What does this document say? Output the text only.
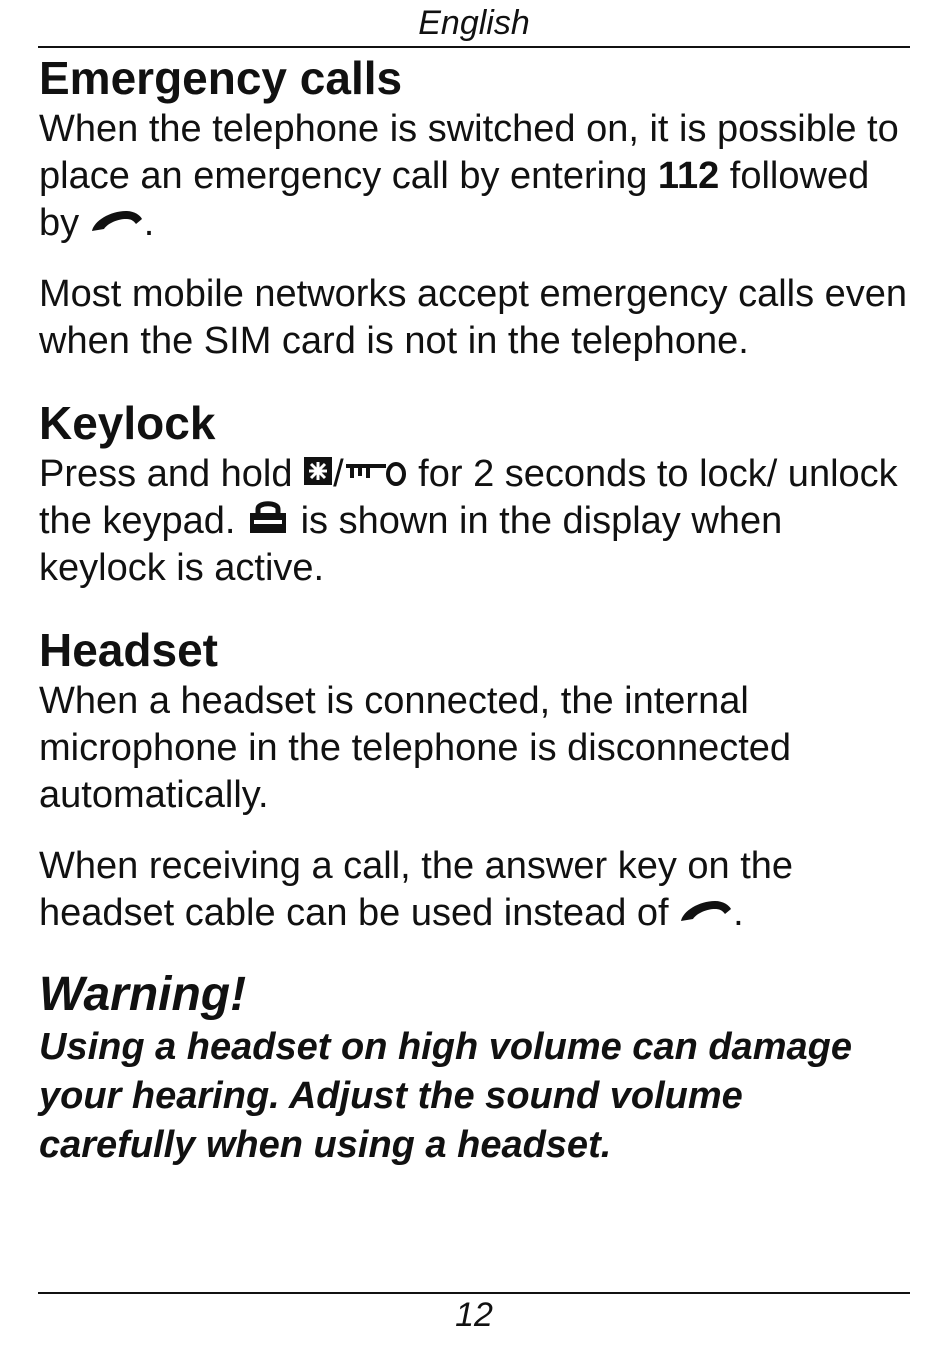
English
Emergency calls

When the telephone is switched on, it is possible to place an emergency call by entering 112 followed by .

Most mobile networks accept emergency calls even when the SIM card is not in the telephone.

Keylock

Press and hold / for 2 seconds to lock/ unlock the keypad.  is shown in the display when keylock is active.

Headset

When a headset is connected, the internal microphone in the telephone is disconnected automatically.

When receiving a call, the answer key on the headset cable can be used instead of .

Warning!

Using a headset on high volume can damage your hearing. Adjust the sound volume carefully when using a headset.

12
